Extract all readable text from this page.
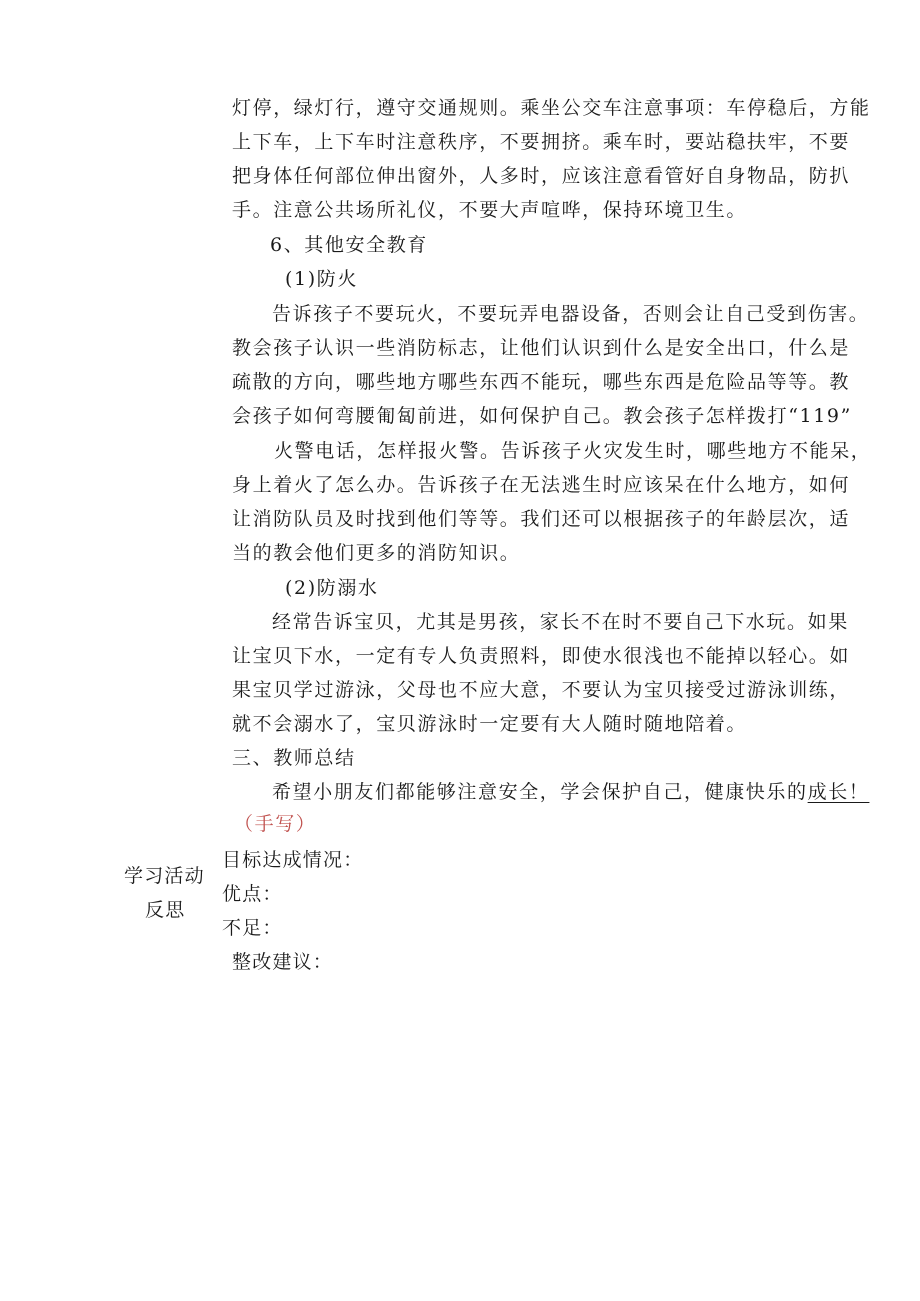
灯停，绿灯行，遵守交通规则。乘坐公交车注意事项：车停稳后，方能
上下车，上下车时注意秩序，不要拥挤。乘车时，要站稳扶牢，不要
把身体任何部位伸出窗外，人多时，应该注意看管好自身物品，防扒
手。注意公共场所礼仪，不要大声喧哗，保持环境卫生。
6、其他安全教育
(1)防火
告诉孩子不要玩火，不要玩弄电器设备，否则会让自己受到伤害。
教会孩子认识一些消防标志，让他们认识到什么是安全出口，什么是
疏散的方向，哪些地方哪些东西不能玩，哪些东西是危险品等等。教
会孩子如何弯腰匍匐前进，如何保护自己。教会孩子怎样拨打“119”
火警电话，怎样报火警。告诉孩子火灾发生时，哪些地方不能呆，
身上着火了怎么办。告诉孩子在无法逃生时应该呆在什么地方，如何
让消防队员及时找到他们等等。我们还可以根据孩子的年龄层次，适
当的教会他们更多的消防知识。
(2)防溺水
经常告诉宝贝，尤其是男孩，家长不在时不要自己下水玩。如果
让宝贝下水，一定有专人负责照料，即使水很浅也不能掉以轻心。如
果宝贝学过游泳，父母也不应大意，不要认为宝贝接受过游泳训练，
就不会溺水了，宝贝游泳时一定要有大人随时随地陪着。
三、教师总结
希望小朋友们都能够注意安全，学会保护自己，健康快乐的成长！
（手写）
学习活动
反思
目标达成情况：
优点：
不足：
整改建议：
